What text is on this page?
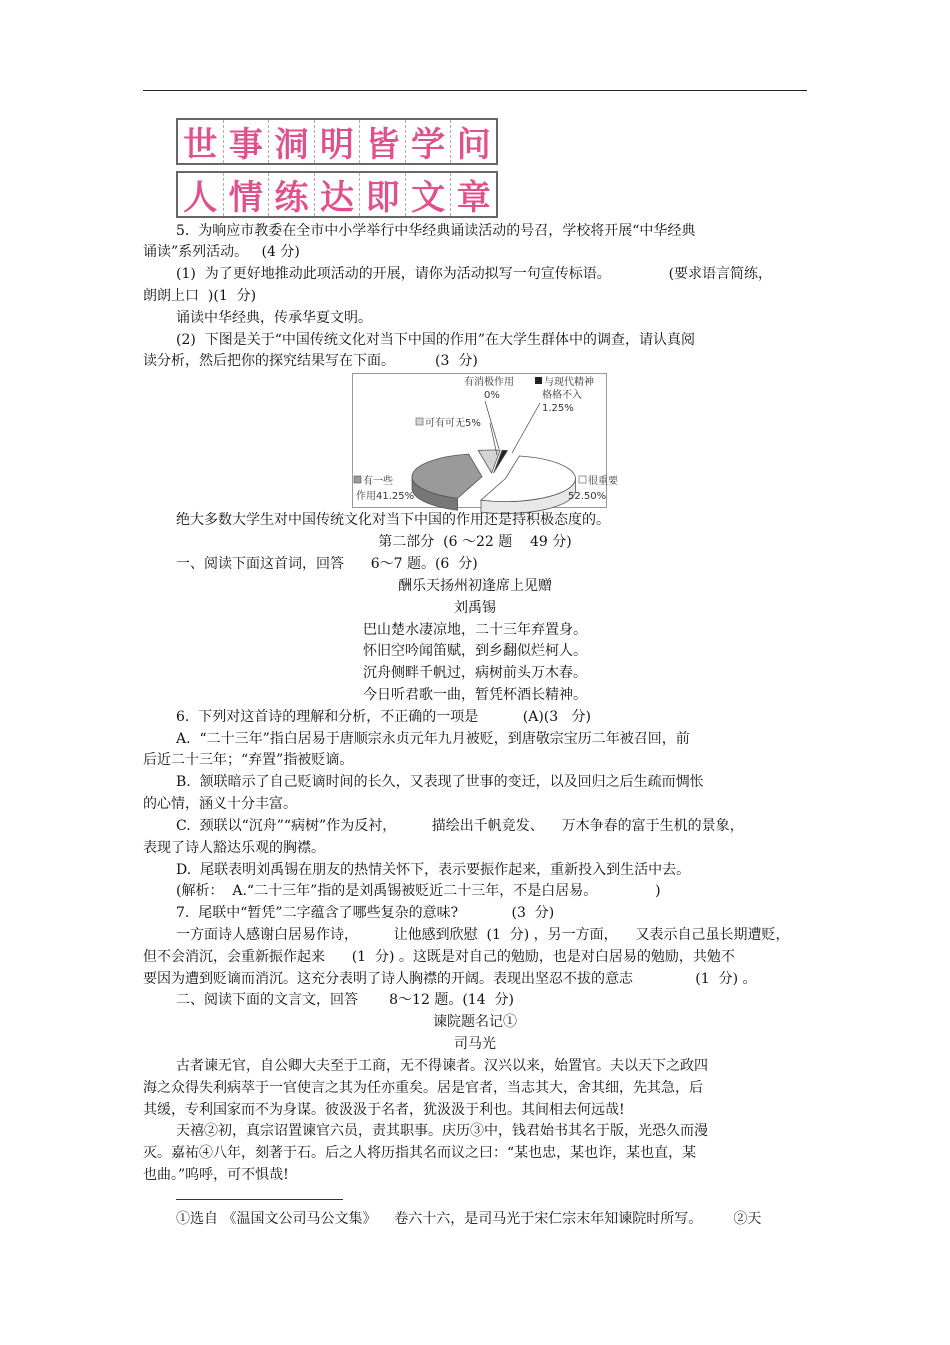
世 事 洞 明 皆 学 问
人 情 练 达 即 文 章
5.  为响应市教委在全市中小学举行中华经典诵读活动的号召，学校将开展“中华经典
诵读”系列活动。   (4 分)
(1)  为了更好地推动此项活动的开展，请你为活动拟写一句宣传标语。             (要求语言简练，
朗朗上口  )(1  分)
诵读中华经典，传承华夏文明。
(2)  下图是关于“中国传统文化对当下中国的作用”在大学生群体中的调查，请认真阅
读分析，然后把你的探究结果写在下面。         (3  分)
有消极作用
0%
与现代精神
格格不入
1.25%
可有可无5%
有一些
作用41.25%
很重要
52.50%
绝大多数大学生对中国传统文化对当下中国的作用还是持积极态度的。
第二部分  (6 ～22 题    49 分)
一、阅读下面这首词，回答      6～7 题。(6  分)
酬乐天扬州初逢席上见赠
刘禹锡
巴山楚水凄凉地，二十三年弃置身。
怀旧空吟闻笛赋，到乡翻似烂柯人。
沉舟侧畔千帆过，病树前头万木春。
今日听君歌一曲，暂凭杯酒长精神。
6.  下列对这首诗的理解和分析，不正确的一项是          (A)(3   分)
A.  “二十三年”指白居易于唐顺宗永贞元年九月被贬，到唐敬宗宝历二年被召回，前
后近二十三年；“弃置”指被贬谪。
B.  颔联暗示了自己贬谪时间的长久，又表现了世事的变迁，以及回归之后生疏而惆怅
的心情，涵义十分丰富。
C.  颈联以“沉舟”“病树”作为反衬，        描绘出千帆竞发、    万木争春的富于生机的景象，
表现了诗人豁达乐观的胸襟。
D.  尾联表明刘禹锡在朋友的热情关怀下，表示要振作起来，重新投入到生活中去。
(解析：  A.“二十三年”指的是刘禹锡被贬近二十三年，不是白居易。             )
7.  尾联中“暂凭”二字蕴含了哪些复杂的意味?            (3  分)
一方面诗人感谢白居易作诗，        让他感到欣慰  (1  分) ，另一方面，    又表示自己虽长期遭贬，
但不会消沉，会重新振作起来      (1  分) 。这既是对自己的勉励，也是对白居易的勉励，共勉不
要因为遭到贬谪而消沉。这充分表明了诗人胸襟的开阔。表现出坚忍不拔的意志              (1  分) 。
二、阅读下面的文言文，回答       8～12 题。(14  分)
谏院题名记①
司马光
古者谏无官，自公卿大夫至于工商，无不得谏者。汉兴以来，始置官。夫以天下之政四
海之众得失利病萃于一官使言之其为任亦重矣。居是官者，当志其大，舍其细，先其急，后
其缓，专利国家而不为身谋。彼汲汲于名者，犹汲汲于利也。其间相去何远哉!
天禧②初，真宗诏置谏官六员，责其职事。庆历③中，钱君始书其名于版，光恐久而漫
灭。嘉祐④八年，刻著于石。后之人将历指其名而议之曰：“某也忠，某也诈，某也直，某
也曲。”呜呼，可不惧哉!
①选自 《温国文公司马公文集》    卷六十六，是司马光于宋仁宗末年知谏院时所写。       ②天
